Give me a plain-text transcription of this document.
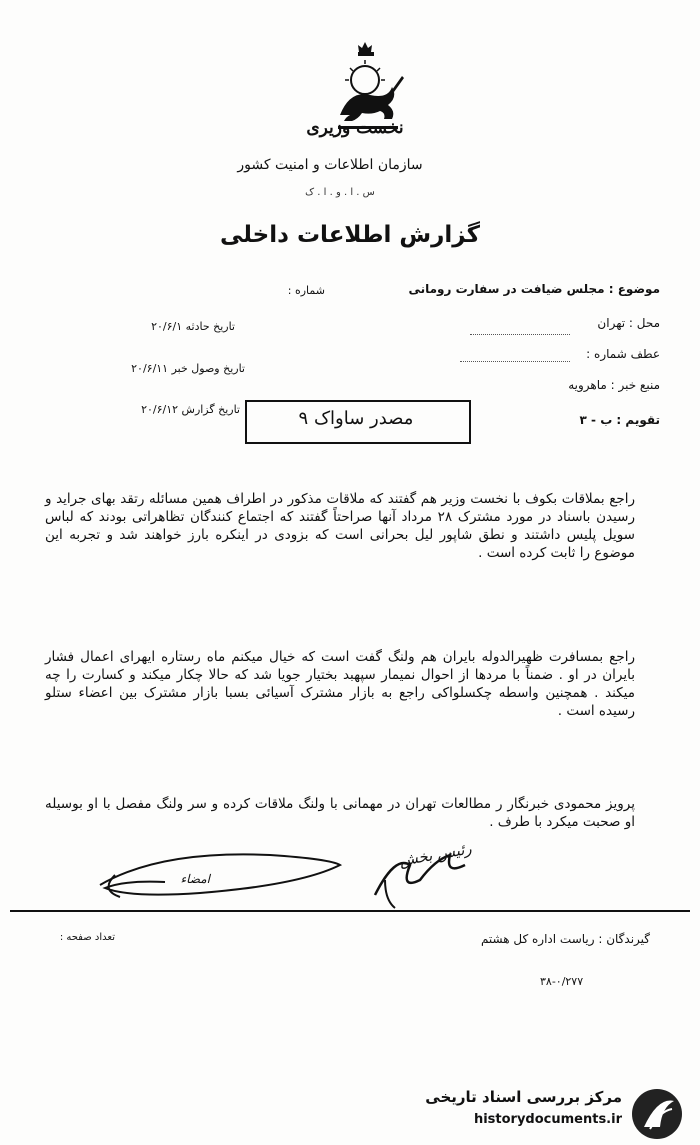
نخست وزیری
سازمان اطلاعات و امنیت کشور
س . ا . و . ا . ک
گزارش اطلاعات داخلی
موضوع : مجلس ضیافت در سفارت رومانی
محل : تهران
عطف شماره :
منبع خبر : ماهرویه
تقویم : ب - ۳
شماره :
تاریخ حادثه ۲۰/۶/۱
تاریخ وصول خبر ۲۰/۶/۱۱
تاریخ گزارش ۲۰/۶/۱۲	مصدر ساواک ۹
راجع بملاقات بکوف با نخست وزیر هم گفتند که ملاقات مذکور در اطراف همین مسائله رتقد بهای جراید و رسیدن باسناد در مورد مشترک ۲۸ مرداد آنها صراحتاً گفتند که اجتماع کنندگان تظاهراتی بودند که لباس سویل پلیس داشتند و نطق شاپور لیل بحرانی است که بزودی در اینکره بارز خواهند شد و تجربه این موضوع را ثابت کرده است .
راجع بمسافرت ظهیرالدوله بایران هم ولنگ گفت است که خیال میکنم ماه رستاره ایهرای اعمال فشار بایران در او . ضمناً با مردها از احوال نمیمار سپهبد بختیار جویا شد که حالا چکار میکند و کسارت را چه میکند . همچنین واسطه چکسلواکی راجع به بازار مشترک آسیائی بسبا بازار مشترک بین اعضاء ستلو رسیده است .
پرویز محمودی خبرنگار ر مطالعات تهران در مهمانی با ولنگ ملاقات کرده و سر ولنگ مفصل با او بوسیله او صحبت میکرد با طرف .
امضاء
رئیس بخش
گیرندگان : ریاست اداره کل هشتم
تعداد صفحه :
۳۸-۰/۲۷۷
مرکز بررسی اسناد تاریخی
historydocuments.ir
